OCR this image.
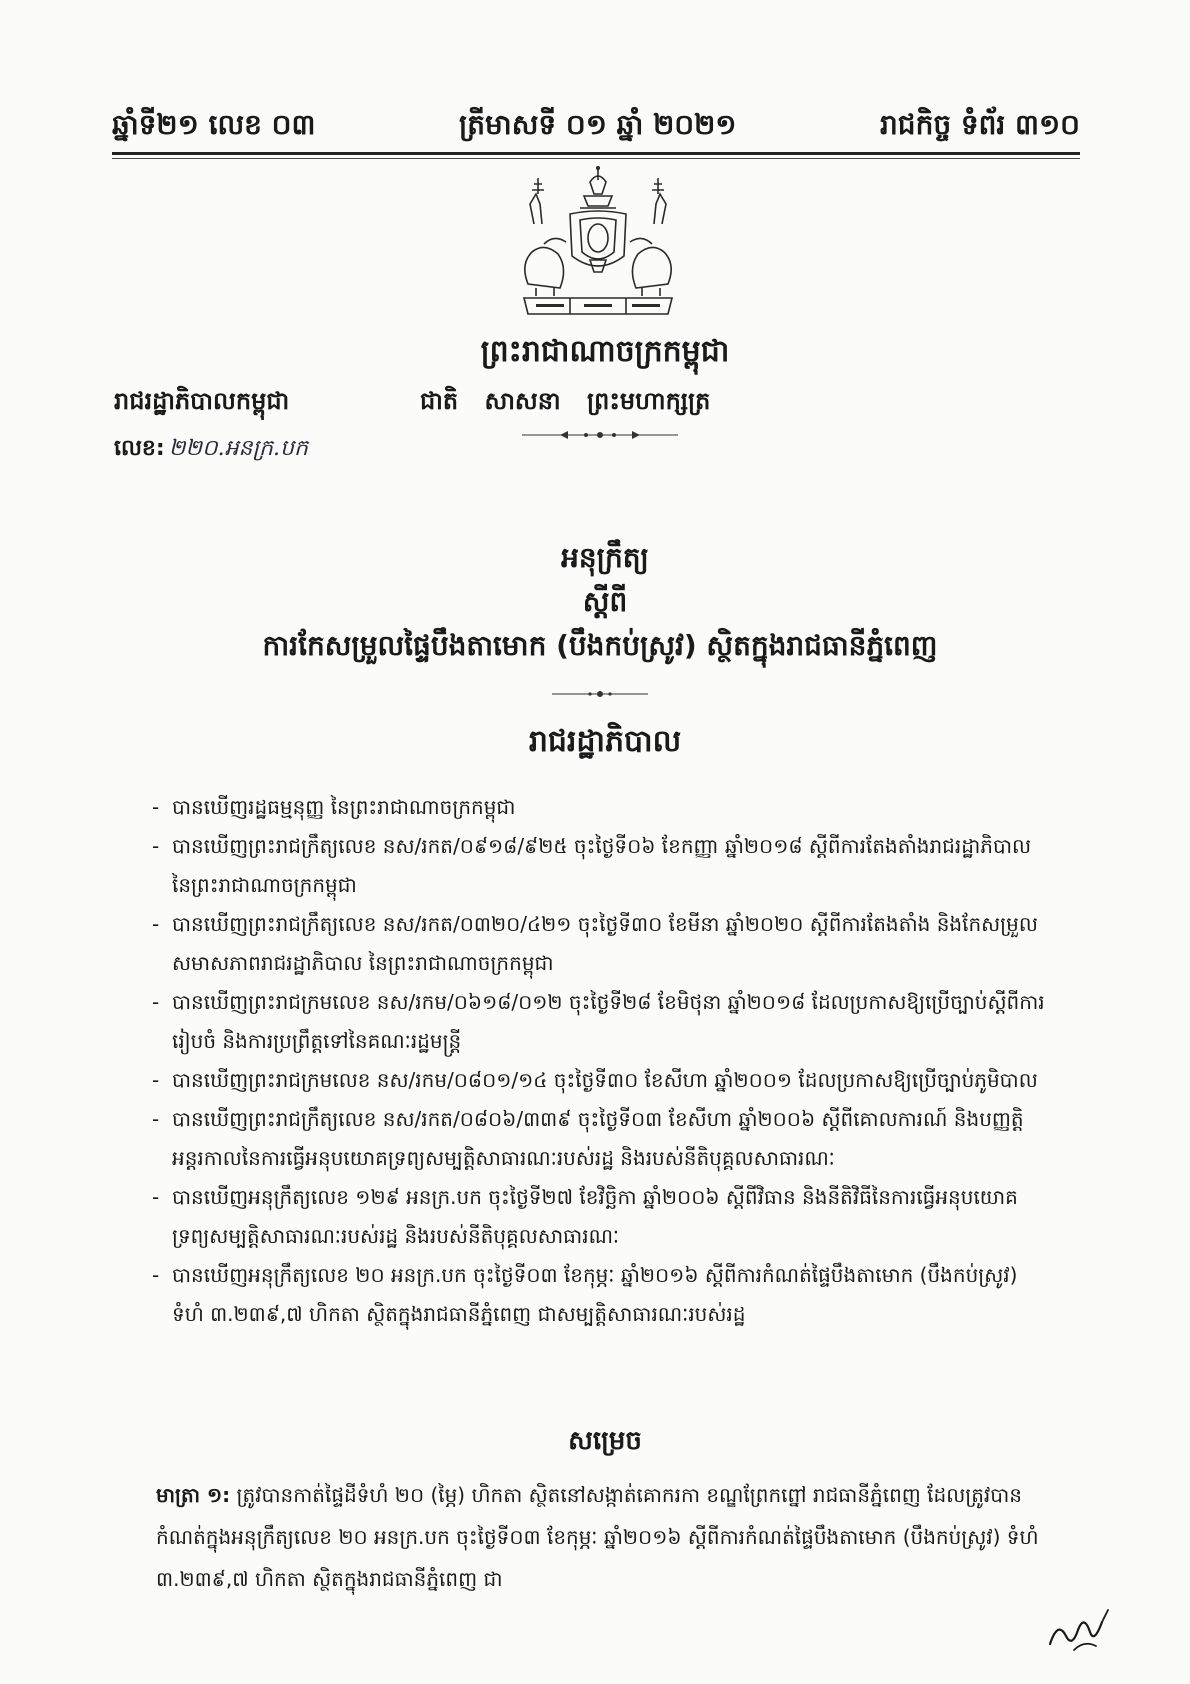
ឆ្នាំទី២១ លេខ ០៣	ត្រីមាសទី ០១ ឆ្នាំ ២០២១	រាជកិច្ច ទំព័រ ៣១០
ព្រះរាជាណាចក្រកម្ពុជា
រាជរដ្ឋាភិបាលកម្ពុជា	ជាតិ សាសនា ព្រះមហាក្សត្រ
លេខ: ២២០.អនក្រ.បក
អនុក្រឹត្យ
ស្តីពី
ការកែសម្រួលផ្ទៃបឹងតាមោក (បឹងកប់ស្រូវ) ស្ថិតក្នុងរាជធានីភ្នំពេញ
រាជរដ្ឋាភិបាល
- បានឃើញរដ្ឋធម្មនុញ្ញ នៃព្រះរាជាណាចក្រកម្ពុជា
- បានឃើញព្រះរាជក្រឹត្យលេខ នស/រកត/០៩១៨/៩២៥ ចុះថ្ងៃទី០៦ ខែកញ្ញា ឆ្នាំ២០១៨ ស្តីពីការតែងតាំងរាជរដ្ឋាភិបាល នៃព្រះរាជាណាចក្រកម្ពុជា
- បានឃើញព្រះរាជក្រឹត្យលេខ នស/រកត/០៣២០/៤២១ ចុះថ្ងៃទី៣០ ខែមីនា ឆ្នាំ២០២០ ស្តីពីការតែងតាំង និងកែសម្រួលសមាសភាពរាជរដ្ឋាភិបាល នៃព្រះរាជាណាចក្រកម្ពុជា
- បានឃើញព្រះរាជក្រមលេខ នស/រកម/០៦១៨/០១២ ចុះថ្ងៃទី២៨ ខែមិថុនា ឆ្នាំ២០១៨ ដែលប្រកាសឱ្យប្រើច្បាប់ស្តីពីការរៀបចំ និងការប្រព្រឹត្តទៅនៃគណៈរដ្ឋមន្ត្រី
- បានឃើញព្រះរាជក្រមលេខ នស/រកម/០៨០១/១៤ ចុះថ្ងៃទី៣០ ខែសីហា ឆ្នាំ២០០១ ដែលប្រកាសឱ្យប្រើច្បាប់ភូមិបាល
- បានឃើញព្រះរាជក្រឹត្យលេខ នស/រកត/០៨០៦/៣៣៩ ចុះថ្ងៃទី០៣ ខែសីហា ឆ្នាំ២០០៦ ស្តីពីគោលការណ៍ និងបញ្ញត្តិអន្តរកាលនៃការធ្វើអនុបយោគទ្រព្យសម្បត្តិសាធារណៈរបស់រដ្ឋ និងរបស់នីតិបុគ្គលសាធារណៈ
- បានឃើញអនុក្រឹត្យលេខ ១២៩ អនក្រ.បក ចុះថ្ងៃទី២៧ ខែវិច្ឆិកា ឆ្នាំ២០០៦ ស្តីពីវិធាន និងនីតិវិធីនៃការធ្វើអនុបយោគទ្រព្យសម្បត្តិសាធារណៈរបស់រដ្ឋ និងរបស់នីតិបុគ្គលសាធារណៈ
- បានឃើញអនុក្រឹត្យលេខ ២០ អនក្រ.បក ចុះថ្ងៃទី០៣ ខែកុម្ភៈ ឆ្នាំ២០១៦ ស្តីពីការកំណត់ផ្ទៃបឹងតាមោក (បឹងកប់ស្រូវ) ទំហំ ៣.២៣៩,៧ ហិកតា ស្ថិតក្នុងរាជធានីភ្នំពេញ ជាសម្បត្តិសាធារណៈរបស់រដ្ឋ
សម្រេច
មាត្រា ១: ត្រូវបានកាត់ផ្ទៃដីទំហំ ២០ (ម្ភៃ) ហិកតា ស្ថិតនៅសង្កាត់គោករកា ខណ្ឌព្រែកព្នៅ រាជធានីភ្នំពេញ ដែលត្រូវបានកំណត់ក្នុងអនុក្រឹត្យលេខ ២០ អនក្រ.បក ចុះថ្ងៃទី០៣ ខែកុម្ភៈ ឆ្នាំ២០១៦ ស្តីពីការកំណត់ផ្ទៃបឹងតាមោក (បឹងកប់ស្រូវ) ទំហំ ៣.២៣៩,៧ ហិកតា ស្ថិតក្នុងរាជធានីភ្នំពេញ ជា
